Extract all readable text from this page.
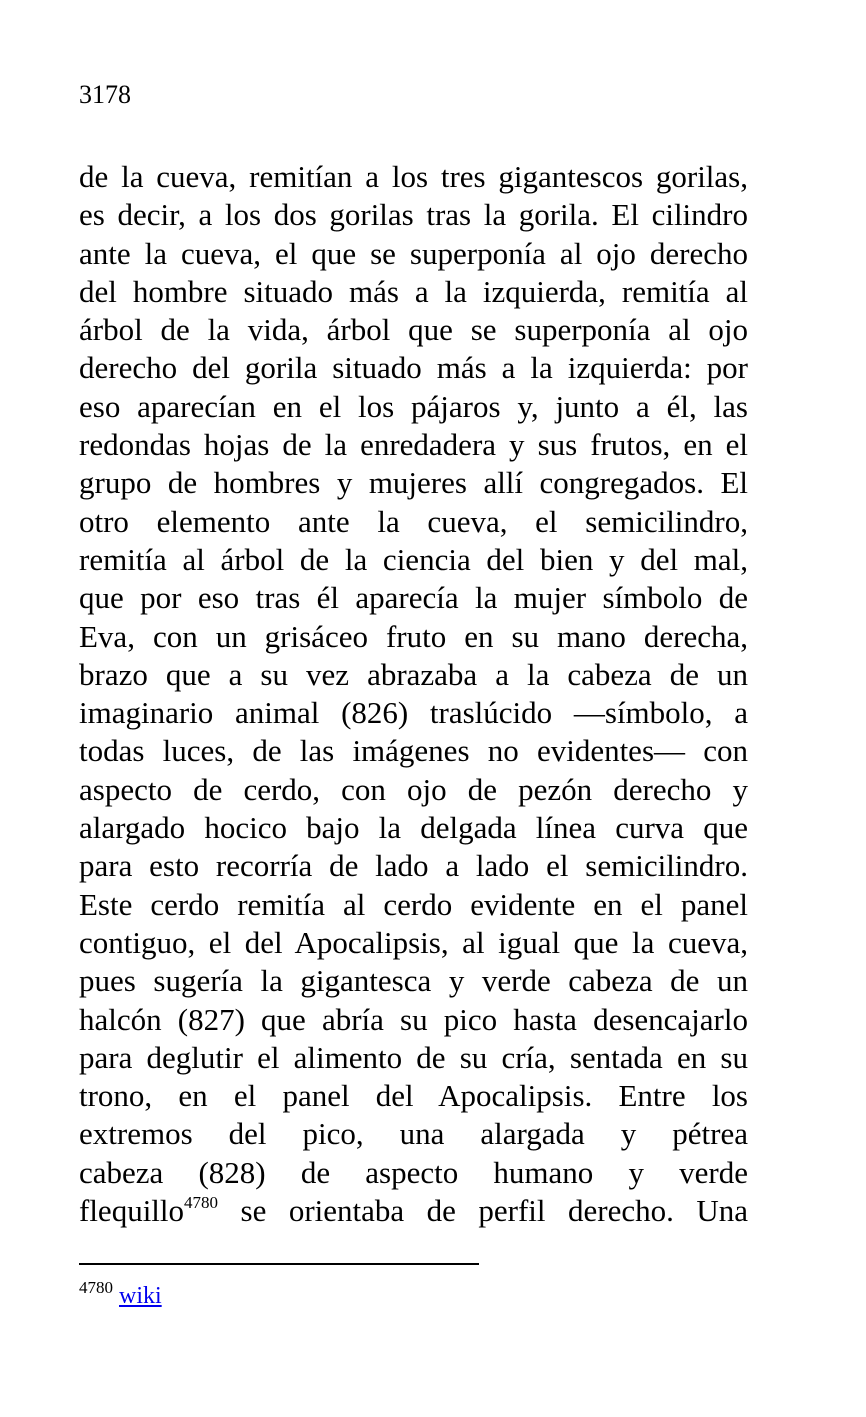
3178
de la cueva, remitían a los tres gigantescos gorilas,
es decir, a los dos gorilas tras la gorila. El cilindro
ante la cueva, el que se superponía al ojo derecho
del hombre situado más a la izquierda, remitía al
árbol de la vida, árbol que se superponía al ojo
derecho del gorila situado más a la izquierda: por
eso aparecían en el los pájaros y, junto a él, las
redondas hojas de la enredadera y sus frutos, en el
grupo de hombres y mujeres allí congregados. El
otro elemento ante la cueva, el semicilindro,
remitía al árbol de la ciencia del bien y del mal,
que por eso tras él aparecía la mujer símbolo de
Eva, con un grisáceo fruto en su mano derecha,
brazo que a su vez abrazaba a la cabeza de un
imaginario animal (826) traslúcido —símbolo, a
todas luces, de las imágenes no evidentes— con
aspecto de cerdo, con ojo de pezón derecho y
alargado hocico bajo la delgada línea curva que
para esto recorría de lado a lado el semicilindro.
Este cerdo remitía al cerdo evidente en el panel
contiguo, el del Apocalipsis, al igual que la cueva,
pues sugería la gigantesca y verde cabeza de un
halcón (827) que abría su pico hasta desencajarlo
para deglutir el alimento de su cría, sentada en su
trono, en el panel del Apocalipsis. Entre los
extremos del pico, una alargada y pétrea
cabeza (828) de aspecto humano y verde
flequillo$^{4780}$ se orientaba de perfil derecho. Una
$^{4780}$ wiki
